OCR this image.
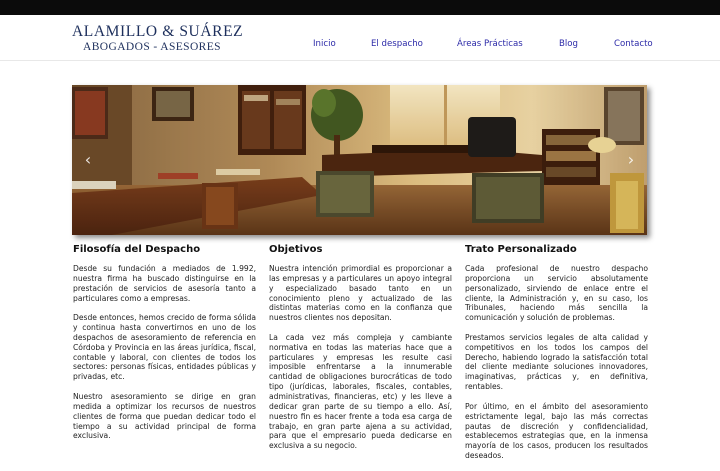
ALAMILLO & SUÁREZ
ABOGADOS - ASESORES	Inicio	El despacho	Áreas Prácticas	Blog	Contacto
‹	›
Filosofía del Despacho

Desde su fundación a mediados de 1.992, nuestra firma ha buscado distinguirse en la prestación de servicios de asesoría tanto a particulares como a empresas.

Desde entonces, hemos crecido de forma sólida y continua hasta convertirnos en uno de los despachos de asesoramiento de referencia en Córdoba y Provincia en las áreas jurídica, fiscal, contable y laboral, con clientes de todos los sectores: personas físicas, entidades públicas y privadas, etc.

Nuestro asesoramiento se dirige en gran medida a optimizar los recursos de nuestros clientes de forma que puedan dedicar todo el tiempo a su actividad principal de forma exclusiva.

Objetivos

Nuestra intención primordial es proporcionar a las empresas y a particulares un apoyo integral y especializado basado tanto en un conocimiento pleno y actualizado de las distintas materias como en la confianza que nuestros clientes nos depositan.

La cada vez más compleja y cambiante normativa en todas las materias hace que a particulares y empresas les resulte casi imposible enfrentarse a la innumerable cantidad de obligaciones burocráticas de todo tipo (jurídicas, laborales, fiscales, contables, administrativas, financieras, etc) y les lleve a dedicar gran parte de su tiempo a ello. Así, nuestro fin es hacer frente a toda esa carga de trabajo, en gran parte ajena a su actividad, para que el empresario pueda dedicarse en exclusiva a su negocio.

Trato Personalizado

Cada profesional de nuestro despacho proporciona un servicio absolutamente personalizado, sirviendo de enlace entre el cliente, la Administración y, en su caso, los Tribunales, haciendo más sencilla la comunicación y solución de problemas.

Prestamos servicios legales de alta calidad y competitivos en los todos los campos del Derecho, habiendo logrado la satisfacción total del cliente mediante soluciones innovadores, imaginativas, prácticas y, en definitiva, rentables.

Por último, en el ámbito del asesoramiento estrictamente legal, bajo las más correctas pautas de discreción y confidencialidad, establecemos estrategias que, en la inmensa mayoría de los casos, producen los resultados deseados.
